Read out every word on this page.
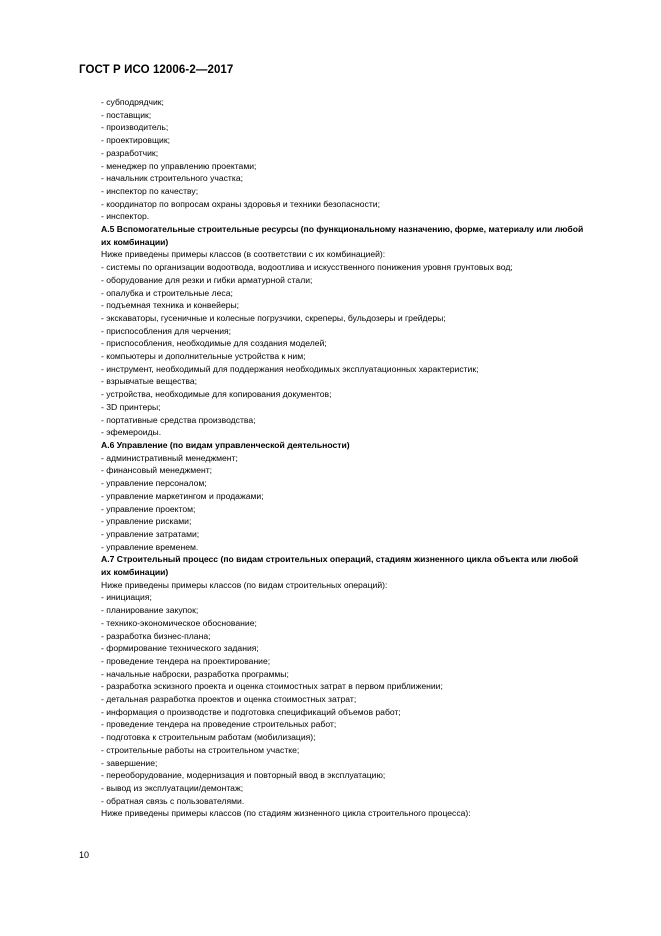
ГОСТ Р ИСО 12006-2—2017
- субподрядчик;
- поставщик;
- производитель;
- проектировщик;
- разработчик;
- менеджер по управлению проектами;
- начальник строительного участка;
- инспектор по качеству;
- координатор по вопросам охраны здоровья и техники безопасности;
- инспектор.
А.5 Вспомогательные строительные ресурсы (по функциональному назначению, форме, материалу или любой их комбинации)
Ниже приведены примеры классов (в соответствии с их комбинацией):
- системы по организации водоотвода, водоотлива и искусственного понижения уровня грунтовых вод;
- оборудование для резки и гибки арматурной стали;
- опалубка и строительные леса;
- подъемная техника и конвейеры;
- экскаваторы, гусеничные и колесные погрузчики, скреперы, бульдозеры и грейдеры;
- приспособления для черчения;
- приспособления, необходимые для создания моделей;
- компьютеры и дополнительные устройства к ним;
- инструмент, необходимый для поддержания необходимых эксплуатационных характеристик;
- взрывчатые вещества;
- устройства, необходимые для копирования документов;
- 3D принтеры;
- портативные средства производства;
- эфемероиды.
А.6 Управление (по видам управленческой деятельности)
- административный менеджмент;
- финансовый менеджмент;
- управление персоналом;
- управление маркетингом и продажами;
- управление проектом;
- управление рисками;
- управление затратами;
- управление временем.
А.7 Строительный процесс (по видам строительных операций, стадиям жизненного цикла объекта или любой их комбинации)
Ниже приведены примеры классов (по видам строительных операций):
- инициация;
- планирование закупок;
- технико-экономическое обоснование;
- разработка бизнес-плана;
- формирование технического задания;
- проведение тендера на проектирование;
- начальные наброски, разработка программы;
- разработка эскизного проекта и оценка стоимостных затрат в первом приближении;
- детальная разработка проектов и оценка стоимостных затрат;
- информация о производстве и подготовка спецификаций объемов работ;
- проведение тендера на проведение строительных работ;
- подготовка к строительным работам (мобилизация);
- строительные работы на строительном участке;
- завершение;
- переоборудование, модернизация и повторный ввод в эксплуатацию;
- вывод из эксплуатации/демонтаж;
- обратная связь с пользователями.
Ниже приведены примеры классов (по стадиям жизненного цикла строительного процесса):
10
